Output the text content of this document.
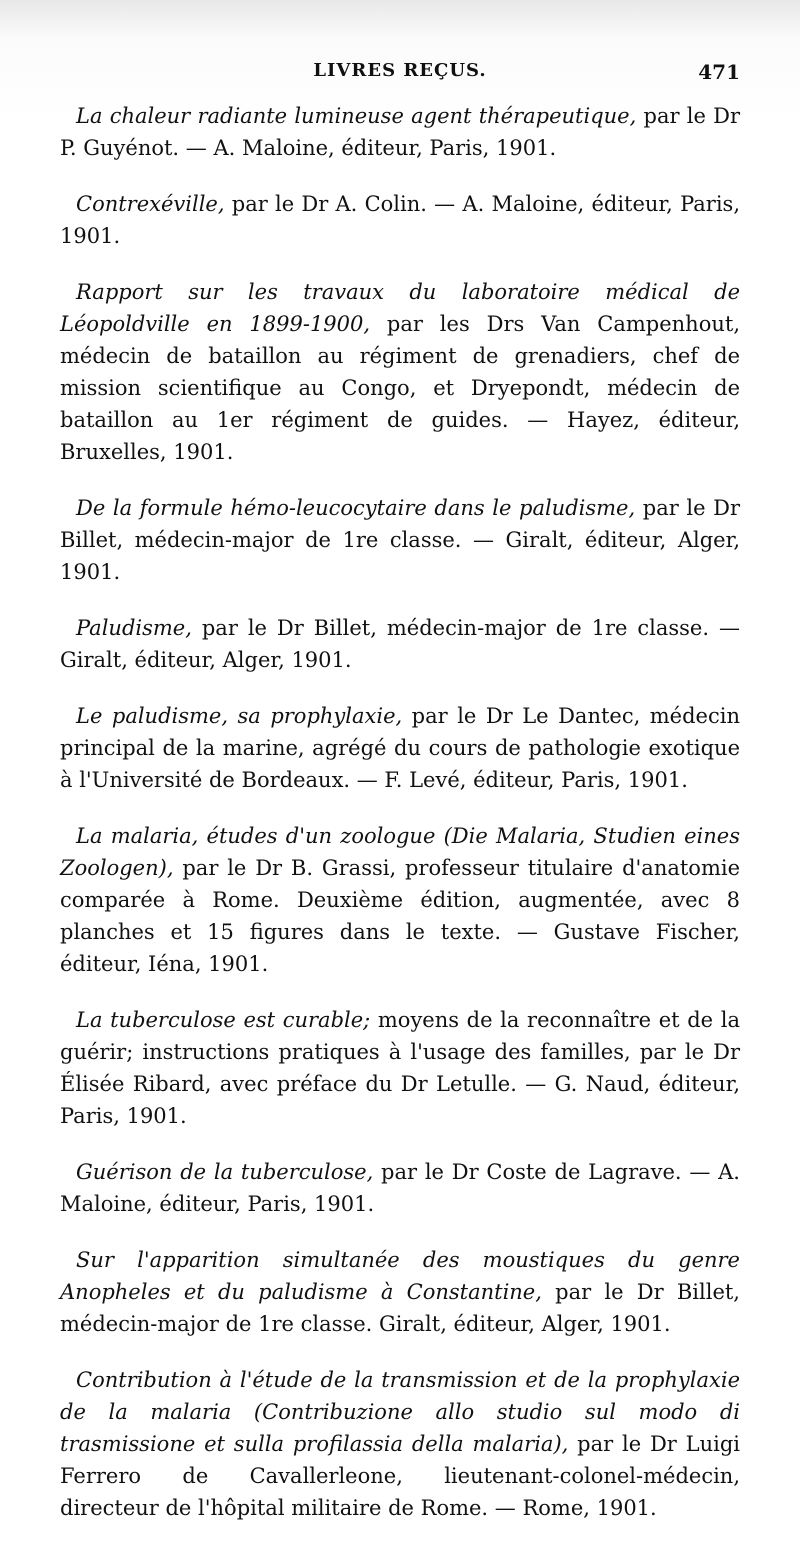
LIVRES REÇUS.	471

La chaleur radiante lumineuse agent thérapeutique, par le Dr P. Guyénot. — A. Maloine, éditeur, Paris, 1901.

Contrexéville, par le Dr A. Colin. — A. Maloine, éditeur, Paris, 1901.

Rapport sur les travaux du laboratoire médical de Léopoldville en 1899-1900, par les Drs Van Campenhout, médecin de bataillon au régiment de grenadiers, chef de mission scientifique au Congo, et Dryepondt, médecin de bataillon au 1er régiment de guides. — Hayez, éditeur, Bruxelles, 1901.

De la formule hémo-leucocytaire dans le paludisme, par le Dr Billet, médecin-major de 1re classe. — Giralt, éditeur, Alger, 1901.

Paludisme, par le Dr Billet, médecin-major de 1re classe. — Giralt, éditeur, Alger, 1901.

Le paludisme, sa prophylaxie, par le Dr Le Dantec, médecin principal de la marine, agrégé du cours de pathologie exotique à l'Université de Bordeaux. — F. Levé, éditeur, Paris, 1901.

La malaria, études d'un zoologue (Die Malaria, Studien eines Zoologen), par le Dr B. Grassi, professeur titulaire d'anatomie comparée à Rome. Deuxième édition, augmentée, avec 8 planches et 15 figures dans le texte. — Gustave Fischer, éditeur, Iéna, 1901.

La tuberculose est curable; moyens de la reconnaître et de la guérir; instructions pratiques à l'usage des familles, par le Dr Élisée Ribard, avec préface du Dr Letulle. — G. Naud, éditeur, Paris, 1901.

Guérison de la tuberculose, par le Dr Coste de Lagrave. — A. Maloine, éditeur, Paris, 1901.

Sur l'apparition simultanée des moustiques du genre Anopheles et du paludisme à Constantine, par le Dr Billet, médecin-major de 1re classe. Giralt, éditeur, Alger, 1901.

Contribution à l'étude de la transmission et de la prophylaxie de la malaria (Contribuzione allo studio sul modo di trasmissione et sulla profilassia della malaria), par le Dr Luigi Ferrero de Cavallerleone, lieutenant-colonel-médecin, directeur de l'hôpital militaire de Rome. — Rome, 1901.
